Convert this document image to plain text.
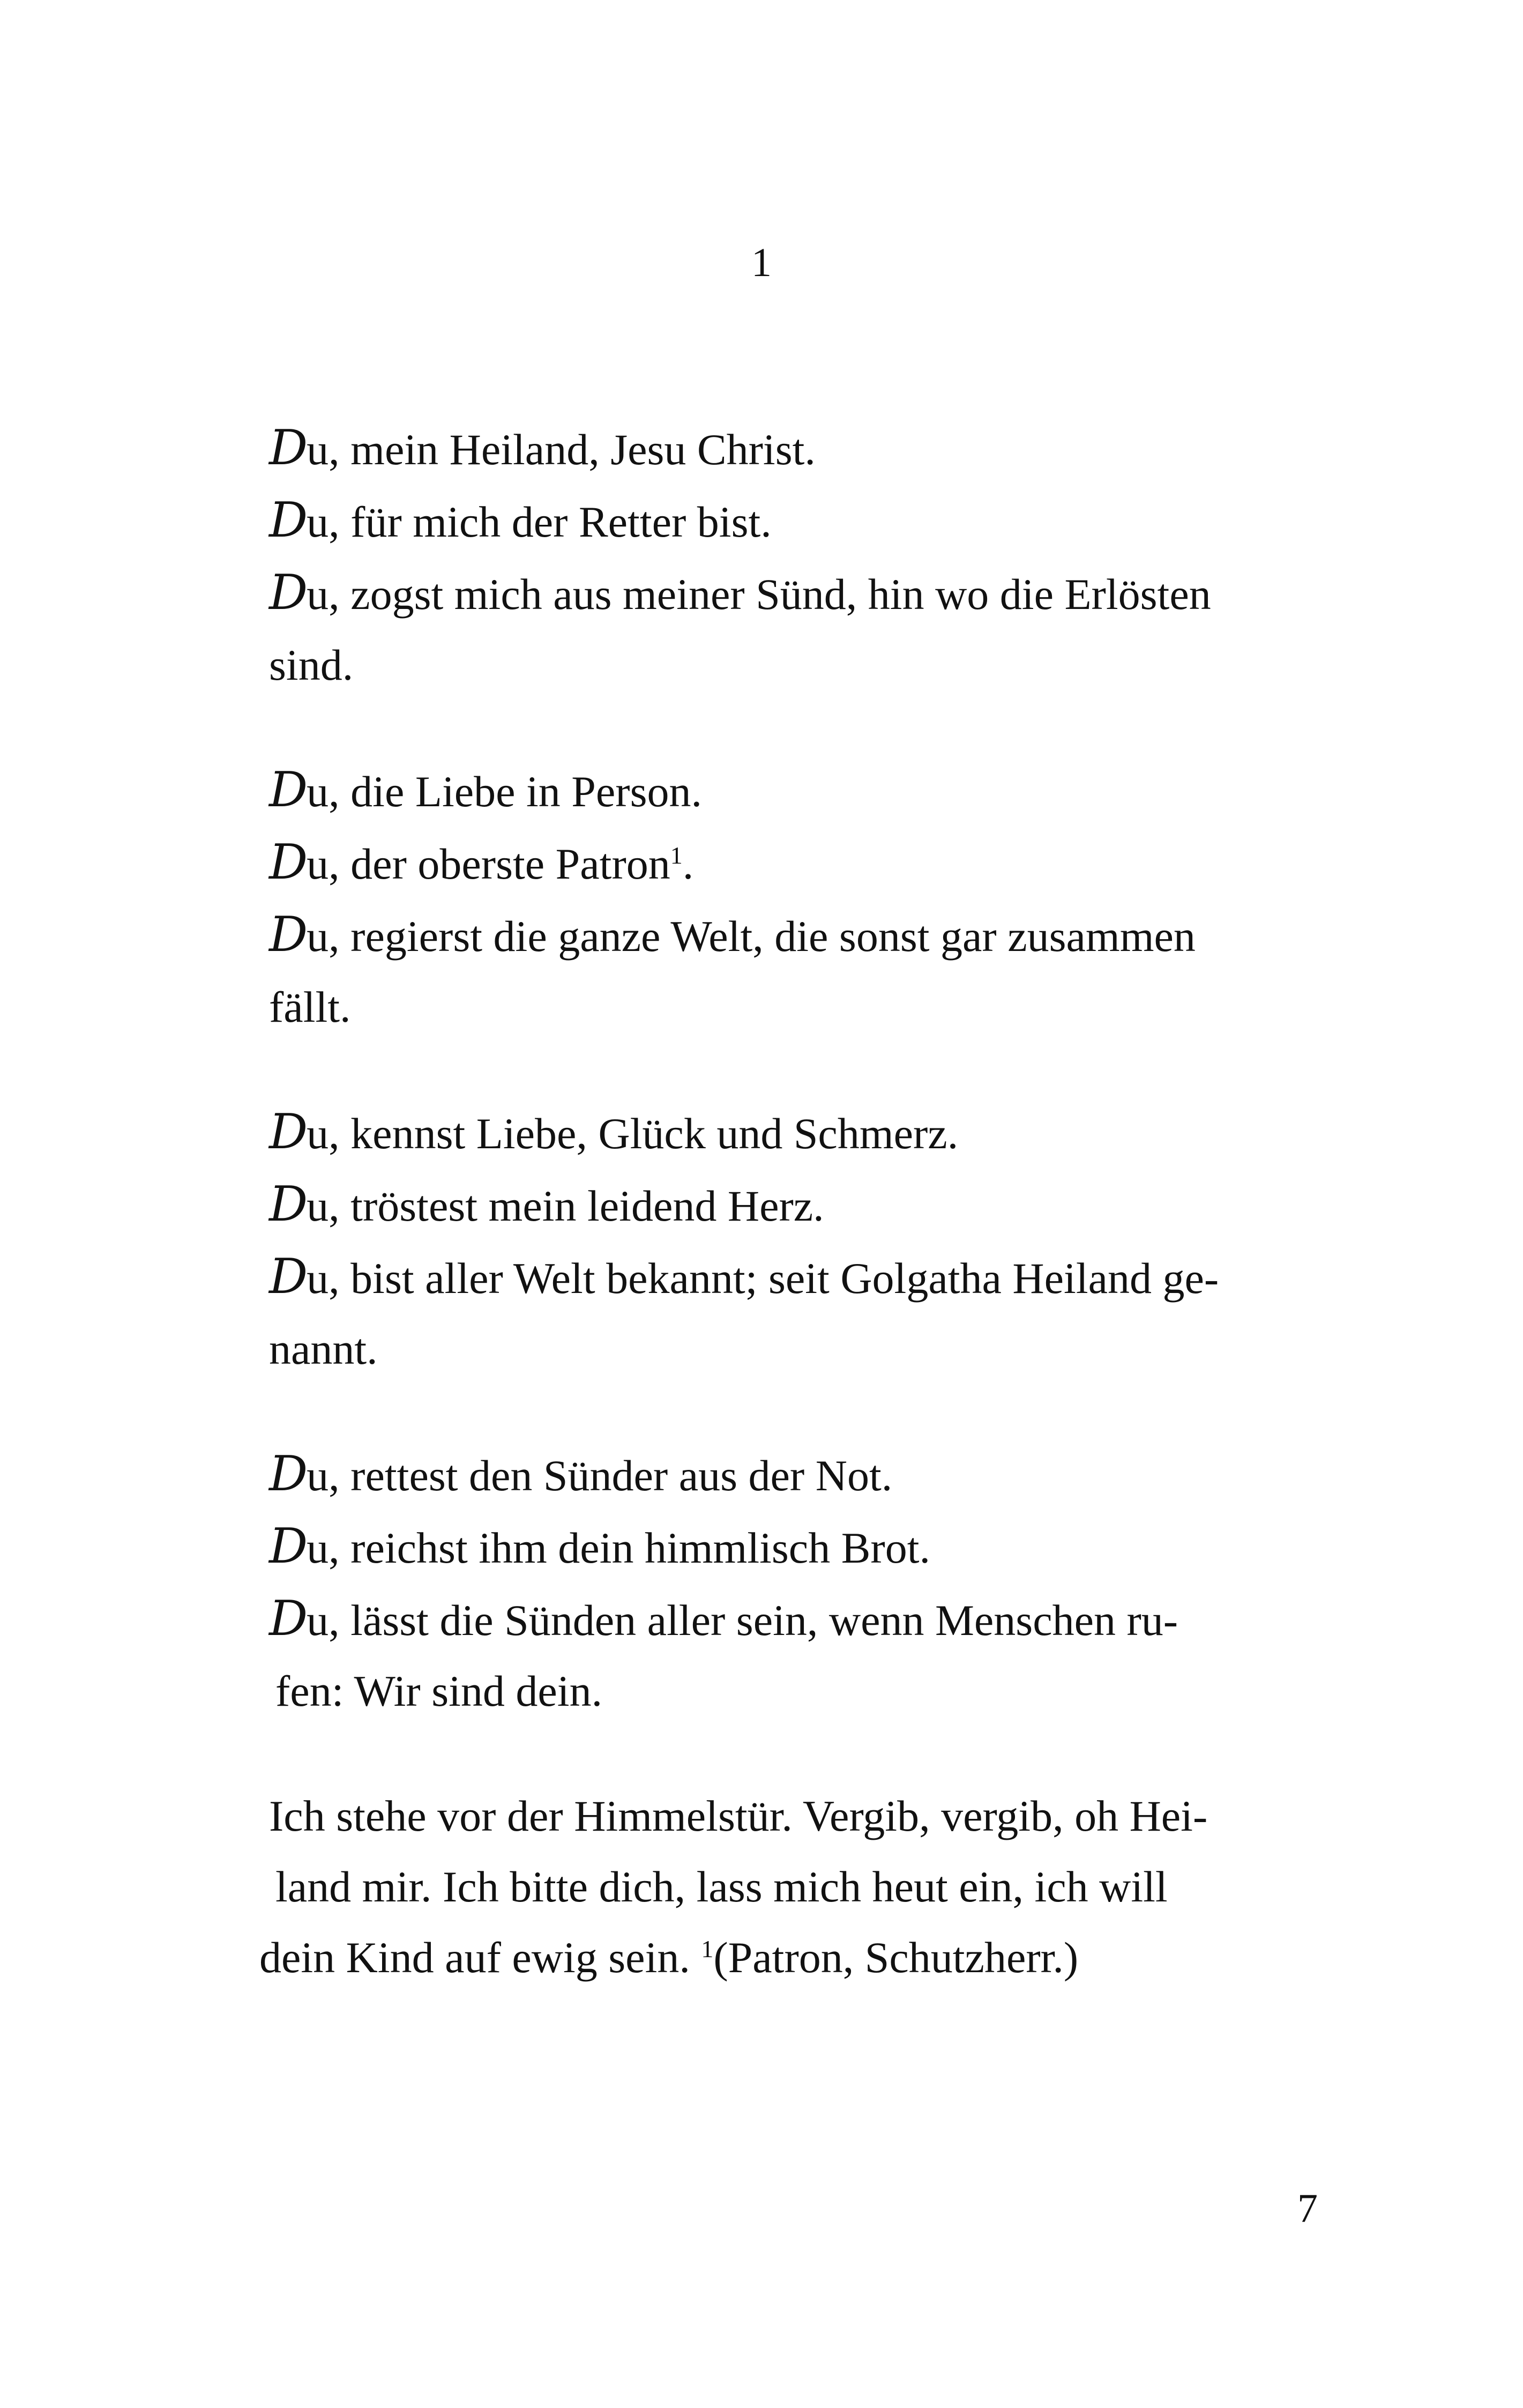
1
Du, mein Heiland, Jesu Christ.
Du, für mich der Retter bist.
Du, zogst mich aus meiner Sünd, hin wo die Erlösten
sind.
Du, die Liebe in Person.
Du, der oberste Patron$^1$.
Du, regierst die ganze Welt, die sonst gar zusammen
fällt.
Du, kennst Liebe, Glück und Schmerz.
Du, tröstest mein leidend Herz.
Du, bist aller Welt bekannt; seit Golgatha Heiland ge-
nannt.
Du, rettest den Sünder aus der Not.
Du, reichst ihm dein himmlisch Brot.
Du, lässt die Sünden aller sein, wenn Menschen ru-
fen: Wir sind dein.
Ich stehe vor der Himmelstür. Vergib, vergib, oh Hei-
land mir. Ich bitte dich, lass mich heut ein, ich will
dein Kind auf ewig sein. $^1$(Patron, Schutzherr.)
7
